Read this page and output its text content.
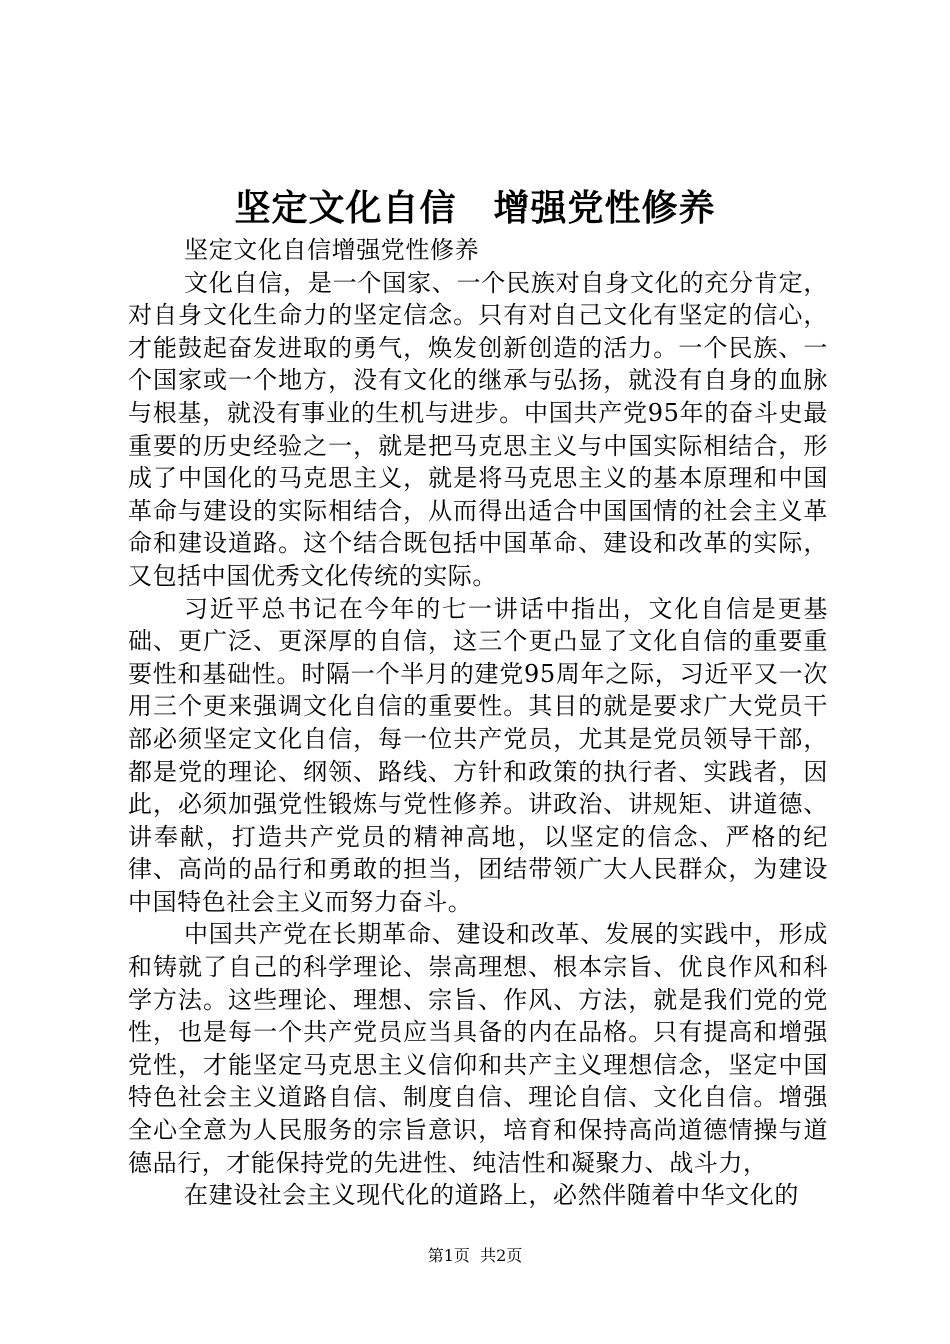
坚定文化自信　增强党性修养

坚定文化自信增强党性修养

文化自信，是一个国家、一个民族对自身文化的充分肯定，对自身文化生命力的坚定信念。只有对自己文化有坚定的信心，才能鼓起奋发进取的勇气，焕发创新创造的活力。一个民族、一个国家或一个地方，没有文化的继承与弘扬，就没有自身的血脉与根基，就没有事业的生机与进步。中国共产党95年的奋斗史最重要的历史经验之一，就是把马克思主义与中国实际相结合，形成了中国化的马克思主义，就是将马克思主义的基本原理和中国革命与建设的实际相结合，从而得出适合中国国情的社会主义革命和建设道路。这个结合既包括中国革命、建设和改革的实际，又包括中国优秀文化传统的实际。

习近平总书记在今年的七一讲话中指出，文化自信是更基础、更广泛、更深厚的自信，这三个更凸显了文化自信的重要重要性和基础性。时隔一个半月的建党95周年之际，习近平又一次用三个更来强调文化自信的重要性。其目的就是要求广大党员干部必须坚定文化自信，每一位共产党员，尤其是党员领导干部，都是党的理论、纲领、路线、方针和政策的执行者、实践者，因此，必须加强党性锻炼与党性修养。讲政治、讲规矩、讲道德、讲奉献，打造共产党员的精神高地，以坚定的信念、严格的纪律、高尚的品行和勇敢的担当，团结带领广大人民群众，为建设中国特色社会主义而努力奋斗。

中国共产党在长期革命、建设和改革、发展的实践中，形成和铸就了自己的科学理论、崇高理想、根本宗旨、优良作风和科学方法。这些理论、理想、宗旨、作风、方法，就是我们党的党性，也是每一个共产党员应当具备的内在品格。只有提高和增强党性，才能坚定马克思主义信仰和共产主义理想信念，坚定中国特色社会主义道路自信、制度自信、理论自信、文化自信。增强全心全意为人民服务的宗旨意识，培育和保持高尚道德情操与道德品行，才能保持党的先进性、纯洁性和凝聚力、战斗力，

在建设社会主义现代化的道路上，必然伴随着中华文化的

第1页  共2页
